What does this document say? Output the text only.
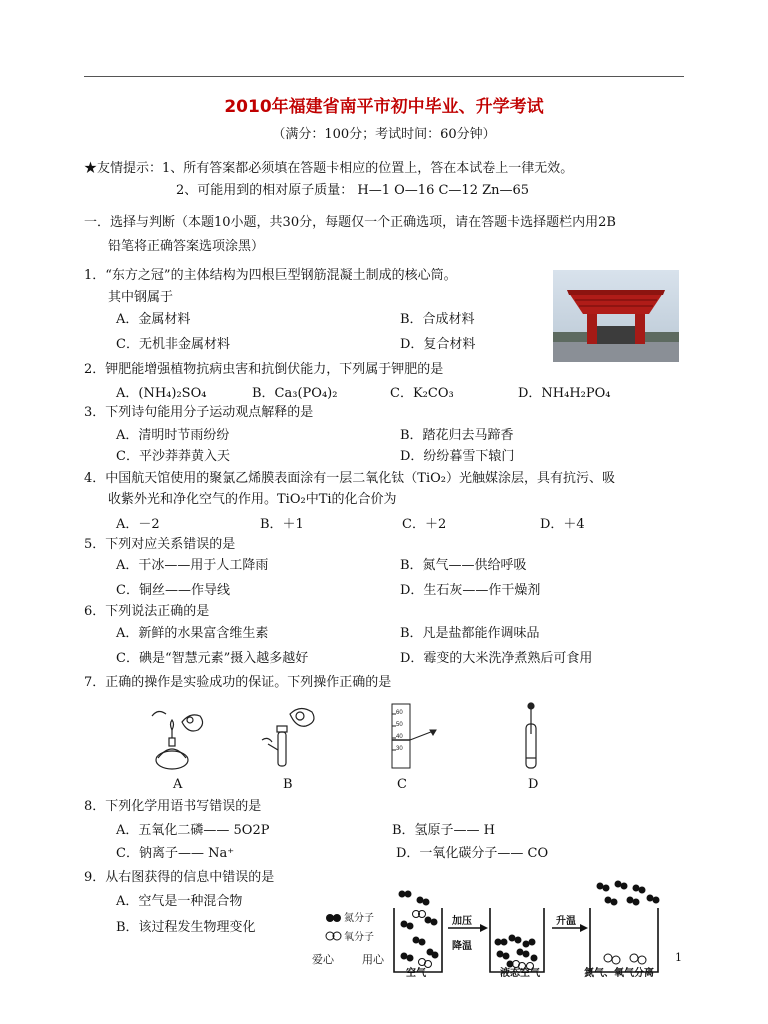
2010年福建省南平市初中毕业、升学考试
（满分：100分；考试时间：60分钟）
★友情提示：1、所有答案都必须填在答题卡相应的位置上，答在本试卷上一律无效。
2、可能用到的相对原子质量： H—1 O—16 C—12 Zn—65
一．选择与判断（本题10小题，共30分，每题仅一个正确选项，请在答题卡选择题栏内用2B
铅笔将正确答案选项涂黑）
1．“东方之冠”的主体结构为四根巨型钢筋混凝土制成的核心筒。
其中钢属于
A．金属材料	B．合成材料
C．无机非金属材料	D．复合材料
2．钾肥能增强植物抗病虫害和抗倒伏能力，下列属于钾肥的是
A．(NH₄)₂SO₄	B．Ca₃(PO₄)₂	C．K₂CO₃	D．NH₄H₂PO₄
3．下列诗句能用分子运动观点解释的是
A．清明时节雨纷纷	B．踏花归去马蹄香
C．平沙莽莽黄入天	D．纷纷暮雪下辕门
4．中国航天馆使用的聚氯乙烯膜表面涂有一层二氧化钛（TiO₂）光触媒涂层，具有抗污、吸
收紫外光和净化空气的作用。TiO₂中Ti的化合价为
A．－2	B．＋1	C．＋2	D．＋4
5．下列对应关系错误的是
A．干冰——用于人工降雨	B．氮气——供给呼吸
C．铜丝——作导线	D．生石灰——作干燥剂
6．下列说法正确的是
A．新鲜的水果富含维生素	B．凡是盐都能作调味品
C．碘是“智慧元素”摄入越多越好	D．霉变的大米洗净煮熟后可食用
7．正确的操作是实验成功的保证。下列操作正确的是
60
50
40
30
A	B	C	D
8．下列化学用语书写错误的是
A．五氧化二磷—— 5O2P	B．氢原子—— H
C．钠离子—— Na⁺	D．一氧化碳分子—— CO
9．从右图获得的信息中错误的是
A．空气是一种混合物
B．该过程发生物理变化
氮分子
氧分子
加压
降温
升温
空气	液态空气	氮气、氧气分离
爱心	用心	1
